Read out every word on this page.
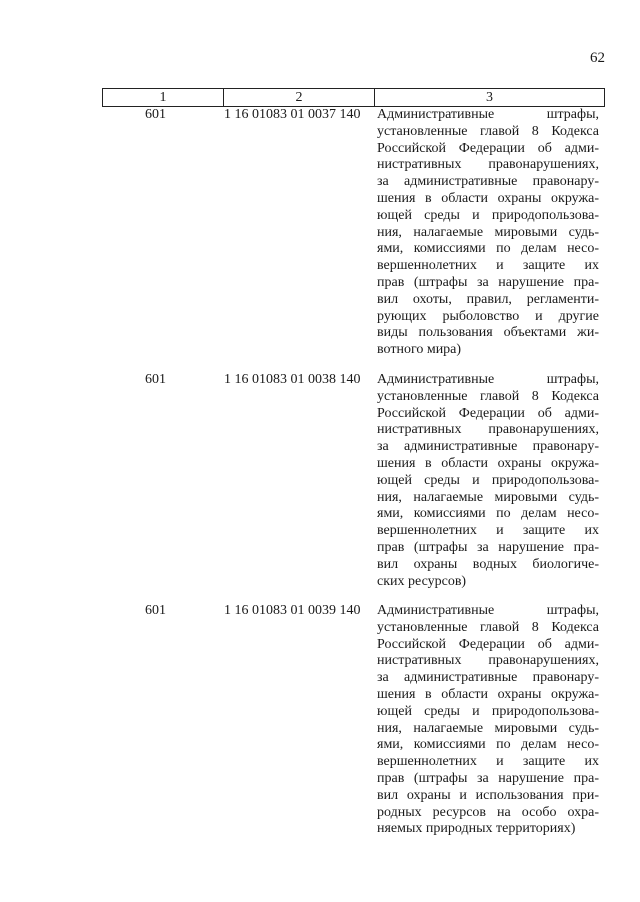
62
1	2	3
601	1 16 01083 01 0037 140	Административные штрафы,
установленные главой 8 Кодекса
Российской Федерации об адми-
нистративных правонарушениях,
за административные правонару-
шения в области охраны окружа-
ющей среды и природопользова-
ния, налагаемые мировыми судь-
ями, комиссиями по делам несо-
вершеннолетних и защите их
прав (штрафы за нарушение пра-
вил охоты, правил, регламенти-
рующих рыболовство и другие
виды пользования объектами жи-
вотного мира)
601	1 16 01083 01 0038 140	Административные штрафы,
установленные главой 8 Кодекса
Российской Федерации об адми-
нистративных правонарушениях,
за административные правонару-
шения в области охраны окружа-
ющей среды и природопользова-
ния, налагаемые мировыми судь-
ями, комиссиями по делам несо-
вершеннолетних и защите их
прав (штрафы за нарушение пра-
вил охраны водных биологиче-
ских ресурсов)
601	1 16 01083 01 0039 140	Административные штрафы,
установленные главой 8 Кодекса
Российской Федерации об адми-
нистративных правонарушениях,
за административные правонару-
шения в области охраны окружа-
ющей среды и природопользова-
ния, налагаемые мировыми судь-
ями, комиссиями по делам несо-
вершеннолетних и защите их
прав (штрафы за нарушение пра-
вил охраны и использования при-
родных ресурсов на особо охра-
няемых природных территориях)
